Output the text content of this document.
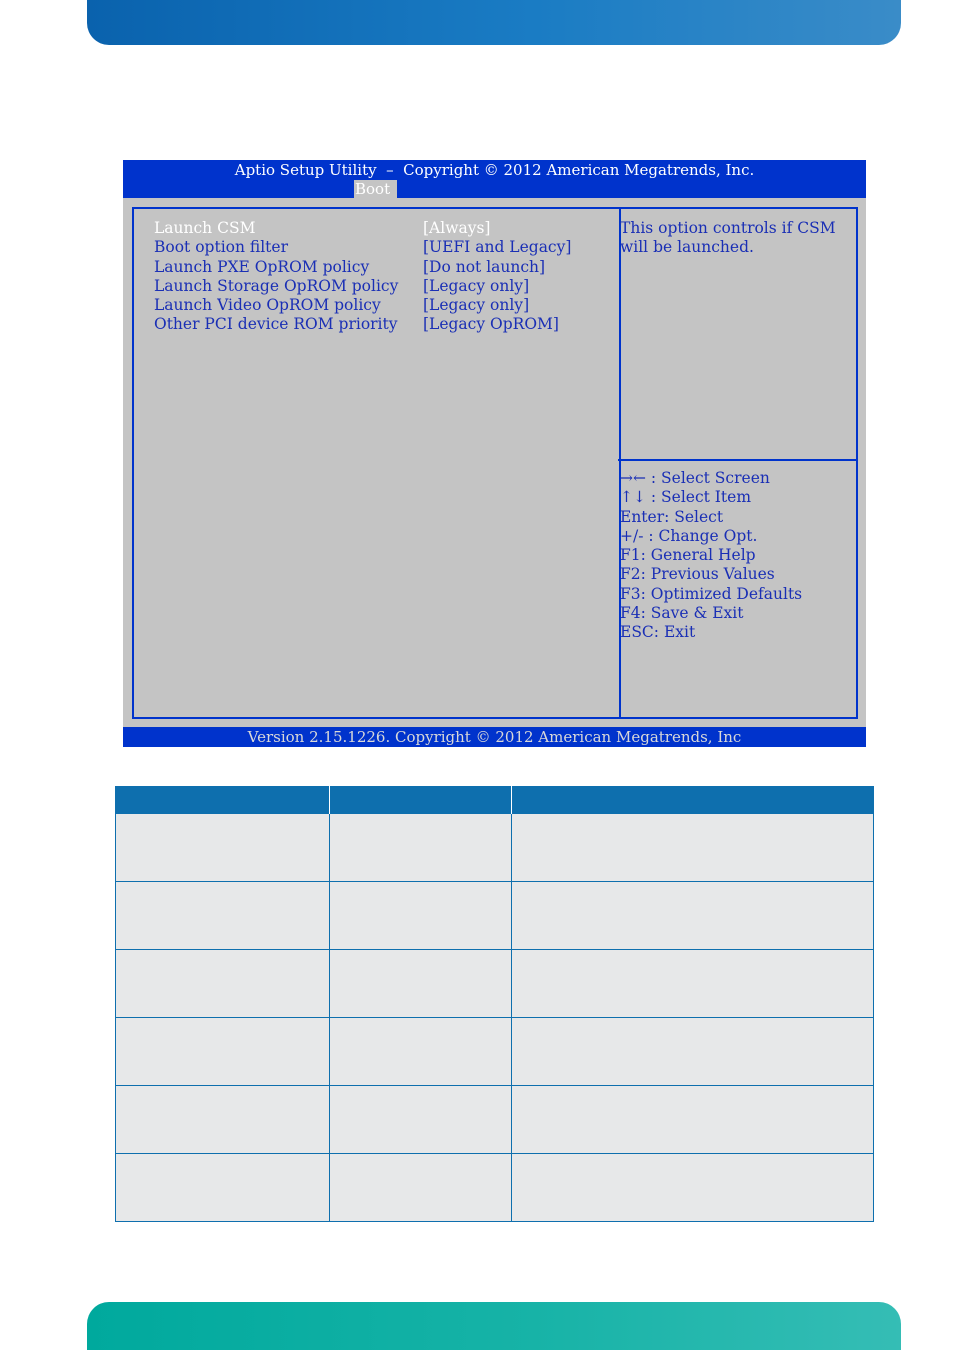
Aptio Setup Utility  –  Copyright © 2012 American Megatrends, Inc.
Boot
Launch CSM	[Always]
Boot option filter	[UEFI and Legacy]
Launch PXE OpROM policy	[Do not launch]
Launch Storage OpROM policy [Legacy only]
Launch Video OpROM policy	[Legacy only]
Other PCI device ROM priority [Legacy OpROM]
This option controls if CSM will be launched.
→← : Select Screen
↑↓ : Select Item
Enter: Select
+/- : Change Opt.
F1: General Help
F2: Previous Values
F3: Optimized Defaults
F4: Save & Exit
ESC: Exit
Version 2.15.1226. Copyright © 2012 American Megatrends, Inc
